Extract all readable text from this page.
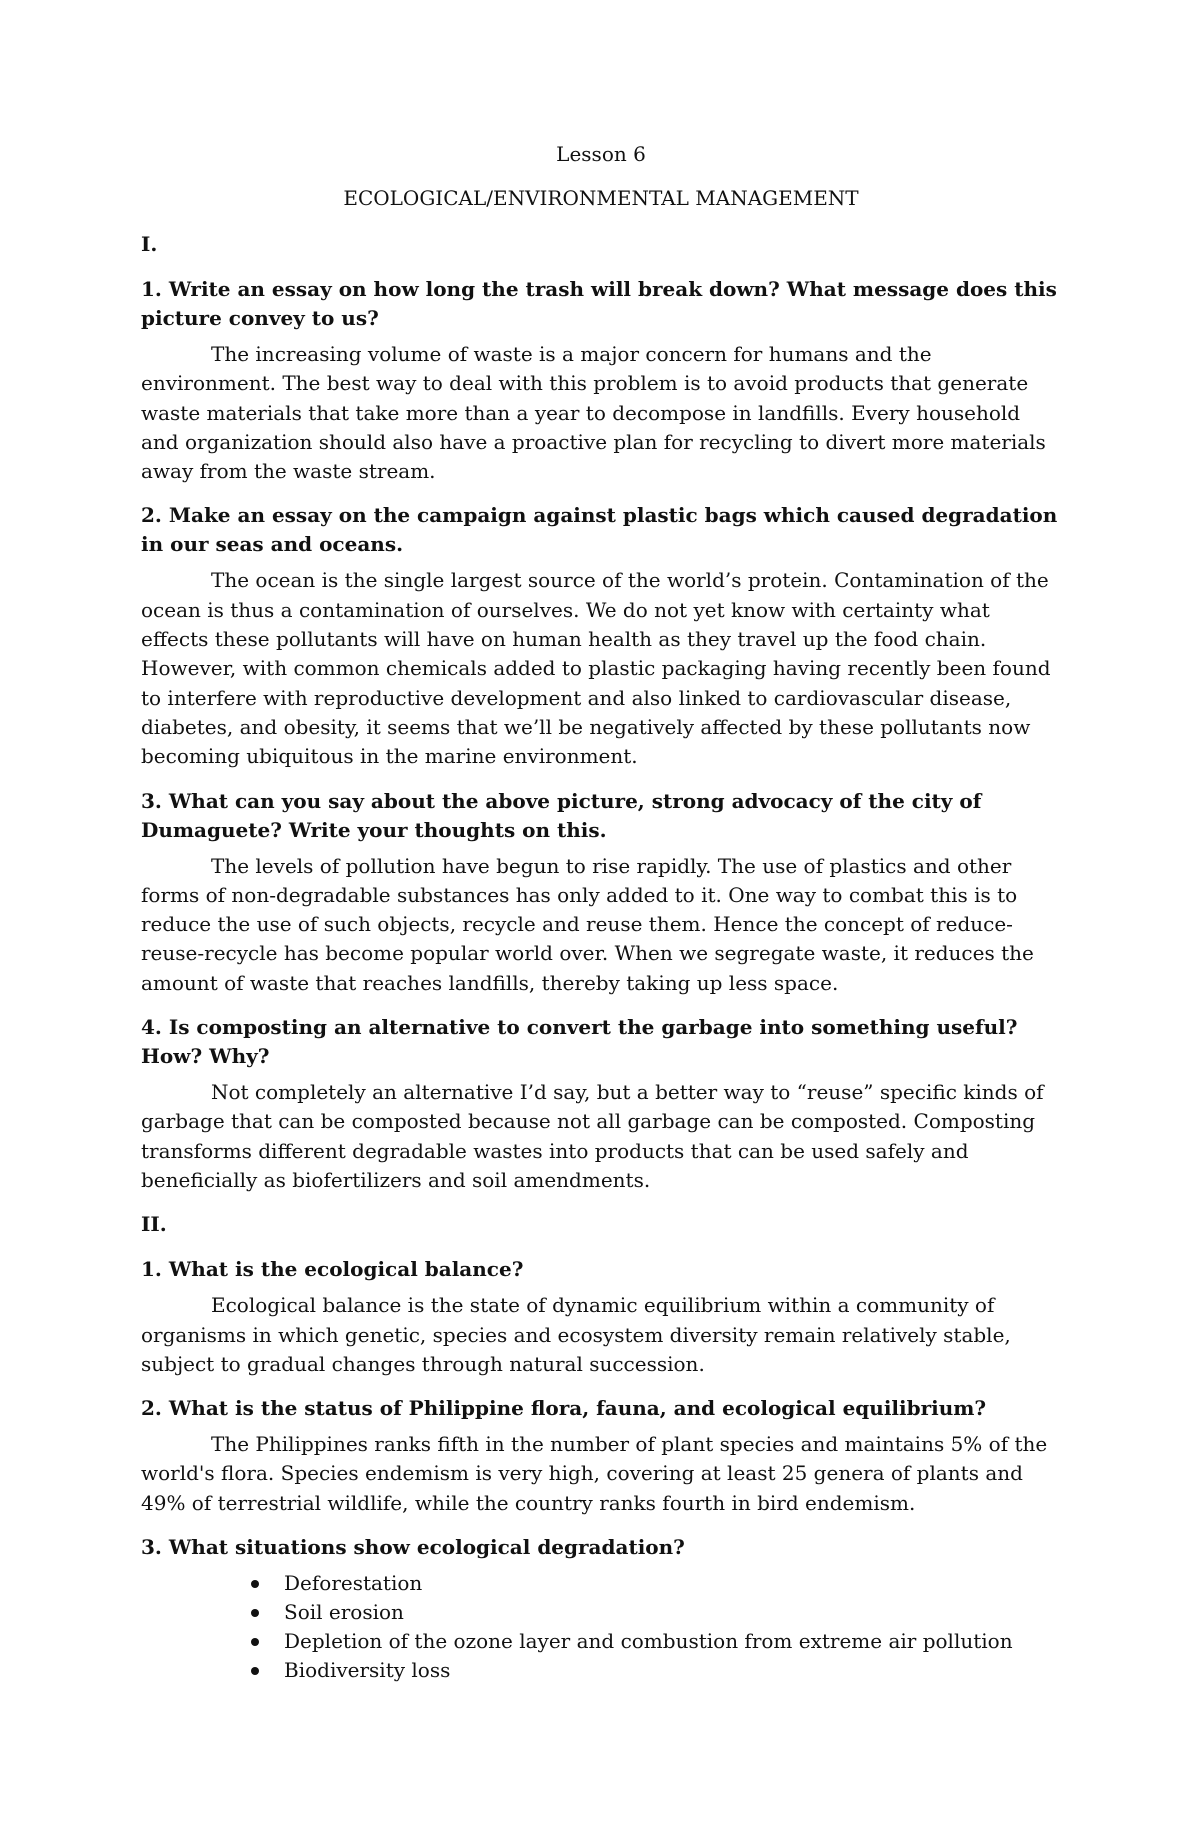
Lesson 6
ECOLOGICAL/ENVIRONMENTAL MANAGEMENT
I.

1. Write an essay on how long the trash will break down? What message does this picture convey to us?

The increasing volume of waste is a major concern for humans and the environment. The best way to deal with this problem is to avoid products that generate waste materials that take more than a year to decompose in landfills. Every household and organization should also have a proactive plan for recycling to divert more materials away from the waste stream.

2. Make an essay on the campaign against plastic bags which caused degradation in our seas and oceans.

The ocean is the single largest source of the world’s protein. Contamination of the ocean is thus a contamination of ourselves. We do not yet know with certainty what effects these pollutants will have on human health as they travel up the food chain. However, with common chemicals added to plastic packaging having recently been found to interfere with reproductive development and also linked to cardiovascular disease, diabetes, and obesity, it seems that we’ll be negatively affected by these pollutants now becoming ubiquitous in the marine environment.

3. What can you say about the above picture, strong advocacy of the city of Dumaguete? Write your thoughts on this.

The levels of pollution have begun to rise rapidly. The use of plastics and other forms of non-degradable substances has only added to it. One way to combat this is to reduce the use of such objects, recycle and reuse them. Hence the concept of reduce-reuse-recycle has become popular world over. When we segregate waste, it reduces the amount of waste that reaches landfills, thereby taking up less space.

4. Is composting an alternative to convert the garbage into something useful? How? Why?

Not completely an alternative I’d say, but a better way to “reuse” specific kinds of garbage that can be composted because not all garbage can be composted. Composting transforms different degradable wastes into products that can be used safely and beneficially as biofertilizers and soil amendments.

II.

1. What is the ecological balance?

Ecological balance is the state of dynamic equilibrium within a community of organisms in which genetic, species and ecosystem diversity remain relatively stable, subject to gradual changes through natural succession.

2. What is the status of Philippine flora, fauna, and ecological equilibrium?

The Philippines ranks fifth in the number of plant species and maintains 5% of the world's flora. Species endemism is very high, covering at least 25 genera of plants and 49% of terrestrial wildlife, while the country ranks fourth in bird endemism.

3. What situations show ecological degradation?

Deforestation
Soil erosion
Depletion of the ozone layer and combustion from extreme air pollution
Biodiversity loss
